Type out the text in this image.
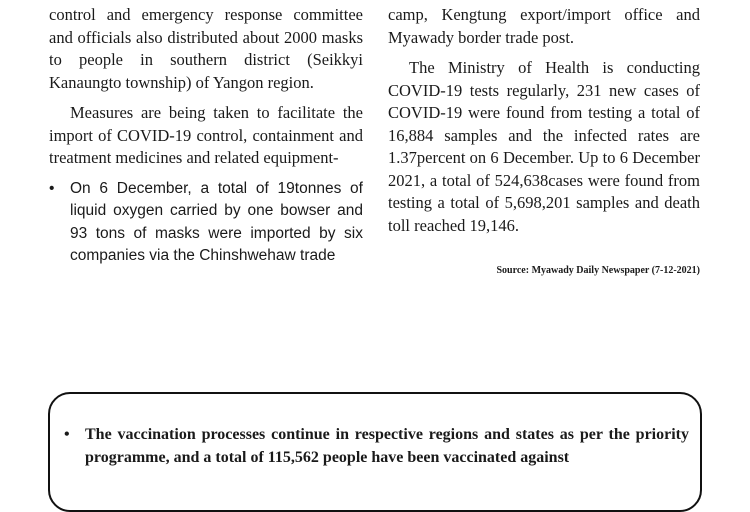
control and emergency response committee and officials also distributed about 2000 masks to people in southern district (Seikkyi Kanaungto township) of Yangon region.

Measures are being taken to facilitate the import of COVID-19 control, containment and treatment medicines and related equipment-

• On 6 December, a total of 19tonnes of liquid oxygen carried by one bowser and 93 tons of masks were imported by six companies via the Chinshwehaw trade

camp, Kengtung export/import office and Myawady border trade post.

The Ministry of Health is conducting COVID-19 tests regularly, 231 new cases of COVID-19 were found from testing a total of 16,884 samples and the infected rates are 1.37percent on 6 December. Up to 6 December 2021, a total of 524,638cases were found from testing a total of 5,698,201 samples and death toll reached 19,146.

Source: Myawady Daily Newspaper (7-12-2021)
• The vaccination processes continue in respective regions and states as per the priority programme, and a total of 115,562 people have been vaccinated against
